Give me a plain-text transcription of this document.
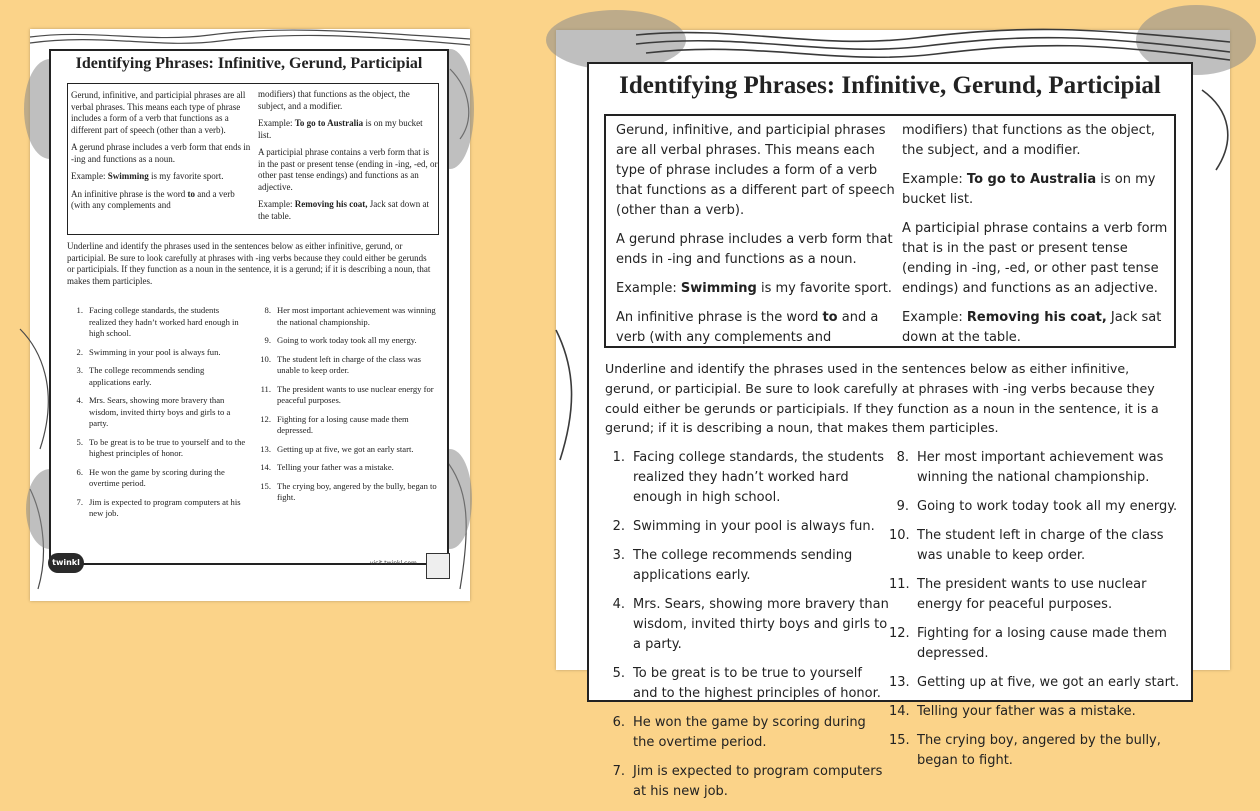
Identifying Phrases: Infinitive, Gerund, Participial

Gerund, infinitive, and participial phrases are all verbal phrases. This means each type of phrase includes a form of a verb that functions as a different part of speech (other than a verb).

A gerund phrase includes a verb form that ends in -ing and functions as a noun.

Example: Swimming is my favorite sport.

An infinitive phrase is the word to and a verb (with any complements and

modifiers) that functions as the object, the subject, and a modifier.

Example: To go to Australia is on my bucket list.

A participial phrase contains a verb form that is in the past or present tense (ending in -ing, -ed, or other past tense endings) and functions as an adjective.

Example: Removing his coat, Jack sat down at the table.

Underline and identify the phrases used in the sentences below as either infinitive, gerund, or participial. Be sure to look carefully at phrases with -ing verbs because they could either be gerunds or participials. If they function as a noun in the sentence, it is a gerund; if it is describing a noun, that makes them participles.
1. Facing college standards, the students realized they hadn’t worked hard enough in high school.
2. Swimming in your pool is always fun.
3. The college recommends sending applications early.
4. Mrs. Sears, showing more bravery than wisdom, invited thirty boys and girls to a party.
5. To be great is to be true to yourself and to the highest principles of honor.
6. He won the game by scoring during the overtime period.
7. Jim is expected to program computers at his new job.
8. Her most important achievement was winning the national championship.
9. Going to work today took all my energy.
10. The student left in charge of the class was unable to keep order.
11. The president wants to use nuclear energy for peaceful purposes.
12. Fighting for a losing cause made them depressed.
13. Getting up at five, we got an early start.
14. Telling your father was a mistake.
15. The crying boy, angered by the bully, began to fight.
twinkl	visit twinkl.com
Identifying Phrases: Infinitive, Gerund, Participial

Gerund, infinitive, and participial phrases are all verbal phrases. This means each type of phrase includes a form of a verb that functions as a different part of speech (other than a verb).

A gerund phrase includes a verb form that ends in -ing and functions as a noun.

Example: Swimming is my favorite sport.

An infinitive phrase is the word to and a verb (with any complements and

modifiers) that functions as the object, the subject, and a modifier.

Example: To go to Australia is on my bucket list.

A participial phrase contains a verb form that is in the past or present tense (ending in -ing, -ed, or other past tense endings) and functions as an adjective.

Example: Removing his coat, Jack sat down at the table.

Underline and identify the phrases used in the sentences below as either infinitive, gerund, or participial. Be sure to look carefully at phrases with -ing verbs because they could either be gerunds or participials. If they function as a noun in the sentence, it is a gerund; if it is describing a noun, that makes them participles.
1. Facing college standards, the students realized they hadn’t worked hard enough in high school.
2. Swimming in your pool is always fun.
3. The college recommends sending applications early.
4. Mrs. Sears, showing more bravery than wisdom, invited thirty boys and girls to a party.
5. To be great is to be true to yourself and to the highest principles of honor.
6. He won the game by scoring during the overtime period.
7. Jim is expected to program computers at his new job.
8. Her most important achievement was winning the national championship.
9. Going to work today took all my energy.
10. The student left in charge of the class was unable to keep order.
11. The president wants to use nuclear energy for peaceful purposes.
12. Fighting for a losing cause made them depressed.
13. Getting up at five, we got an early start.
14. Telling your father was a mistake.
15. The crying boy, angered by the bully, began to fight.
